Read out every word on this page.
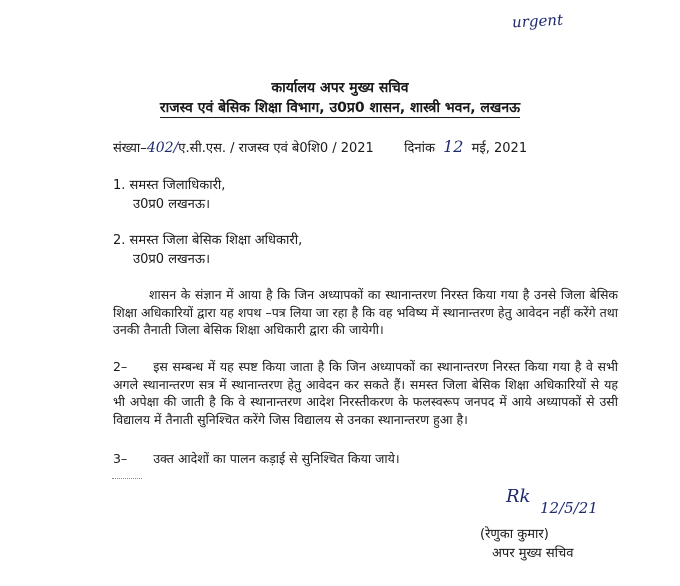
urgent
कार्यालय अपर मुख्य सचिव
राजस्व एवं बेसिक शिक्षा विभाग, उ0प्र0 शासन, शास्त्री भवन, लखनऊ
संख्या–402/ए.सी.एस. / राजस्व एवं बे0शि0 / 2021 दिनांक 12 मई, 2021
1. समस्त जिलाधिकारी,
उ0प्र0 लखनऊ।
2. समस्त जिला बेसिक शिक्षा अधिकारी,
उ0प्र0 लखनऊ।
शासन के संज्ञान में आया है कि जिन अध्यापकों का स्थानान्तरण निरस्त किया गया है उनसे जिला बेसिक शिक्षा अधिकारियों द्वारा यह शपथ –पत्र लिया जा रहा है कि वह भविष्य में स्थानान्तरण हेतु आवेदन नहीं करेंगे तथा उनकी तैनाती जिला बेसिक शिक्षा अधिकारी द्वारा की जायेगी।
2– इस सम्बन्ध में यह स्पष्ट किया जाता है कि जिन अध्यापकों का स्थानान्तरण निरस्त किया गया है वे सभी अगले स्थानान्तरण सत्र में स्थानान्तरण हेतु आवेदन कर सकते हैं। समस्त जिला बेसिक शिक्षा अधिकारियों से यह भी अपेक्षा की जाती है कि वे स्थानान्तरण आदेश निरस्तीकरण के फलस्वरूप जनपद में आये अध्यापकों से उसी विद्यालय में तैनाती सुनिश्चित करेंगे जिस विद्यालय से उनका स्थानान्तरण हुआ है।
3– उक्त आदेशों का पालन कड़ाई से सुनिश्चित किया जाये।
Rk
12/5/21
(रेणुका कुमार)
अपर मुख्य सचिव
